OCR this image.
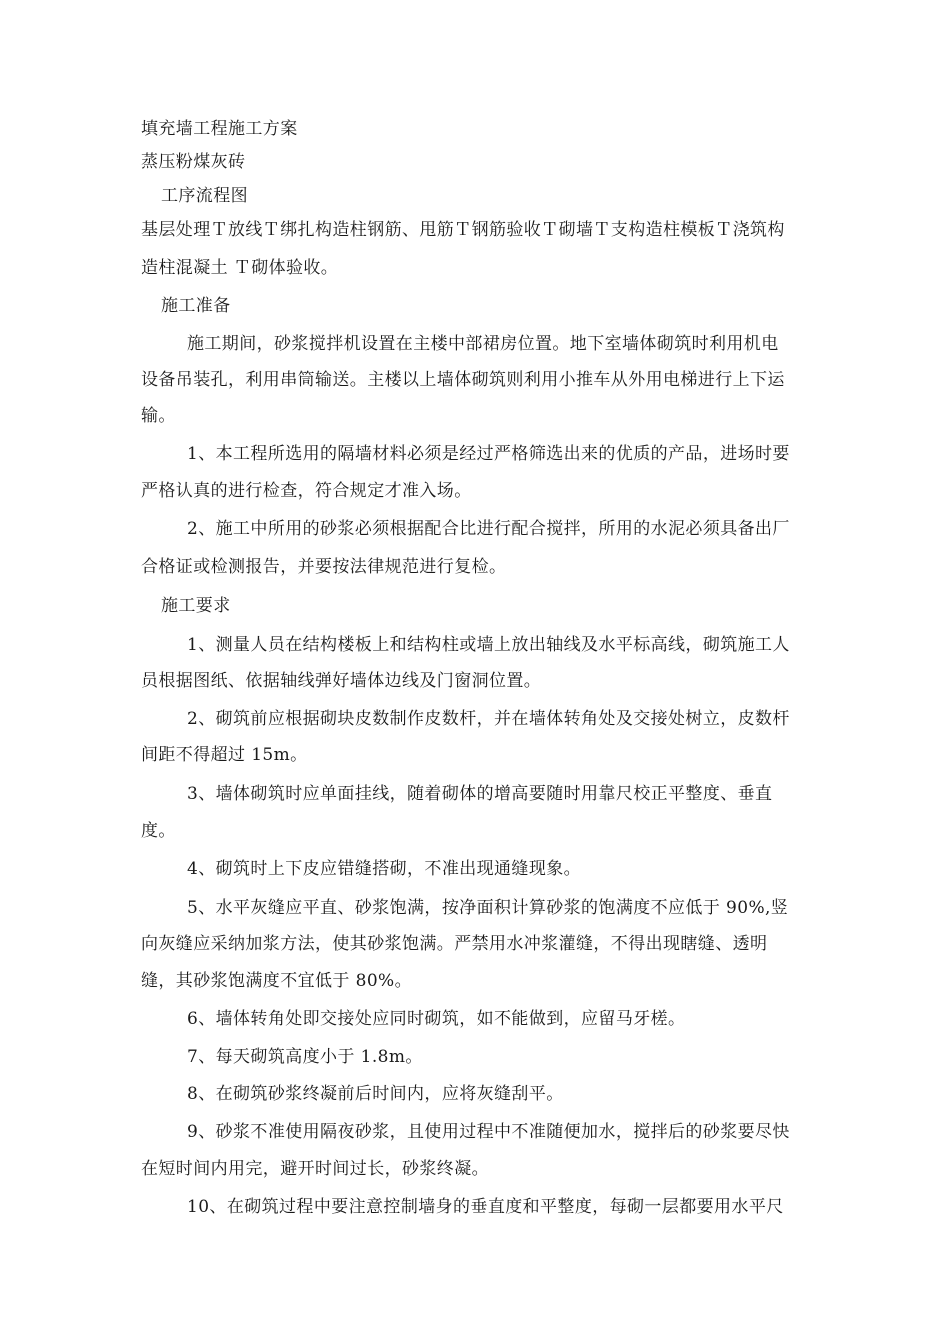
填充墙工程施工方案
蒸压粉煤灰砖
工序流程图
基层处理Ｔ放线Ｔ绑扎构造柱钢筋、甩筋Ｔ钢筋验收Ｔ砌墙Ｔ支构造柱模板Ｔ浇筑构
造柱混凝土 Ｔ砌体验收。
施工准备
施工期间，砂浆搅拌机设置在主楼中部裙房位置。地下室墙体砌筑时利用机电
设备吊装孔，利用串筒输送。主楼以上墙体砌筑则利用小推车从外用电梯进行上下运
输。
1、本工程所选用的隔墙材料必须是经过严格筛选出来的优质的产品，进场时要
严格认真的进行检查，符合规定才准入场。
2、施工中所用的砂浆必须根据配合比进行配合搅拌，所用的水泥必须具备出厂
合格证或检测报告，并要按法律规范进行复检。
施工要求
1、测量人员在结构楼板上和结构柱或墙上放出轴线及水平标高线，砌筑施工人
员根据图纸、依据轴线弹好墙体边线及门窗洞位置。
2、砌筑前应根据砌块皮数制作皮数杆，并在墙体转角处及交接处树立，皮数杆
间距不得超过 15m。
3、墙体砌筑时应单面挂线，随着砌体的增高要随时用靠尺校正平整度、垂直
度。
4、砌筑时上下皮应错缝搭砌，不准出现通缝现象。
5、水平灰缝应平直、砂浆饱满，按净面积计算砂浆的饱满度不应低于 90%,竖
向灰缝应采纳加浆方法，使其砂浆饱满。严禁用水冲浆灌缝，不得出现瞎缝、透明
缝，其砂浆饱满度不宜低于 80%。
6、墙体转角处即交接处应同时砌筑，如不能做到，应留马牙槎。
7、每天砌筑高度小于 1.8m。
8、在砌筑砂浆终凝前后时间内，应将灰缝刮平。
9、砂浆不准使用隔夜砂浆，且使用过程中不准随便加水，搅拌后的砂浆要尽快
在短时间内用完，避开时间过长，砂浆终凝。
10、在砌筑过程中要注意控制墙身的垂直度和平整度，每砌一层都要用水平尺
